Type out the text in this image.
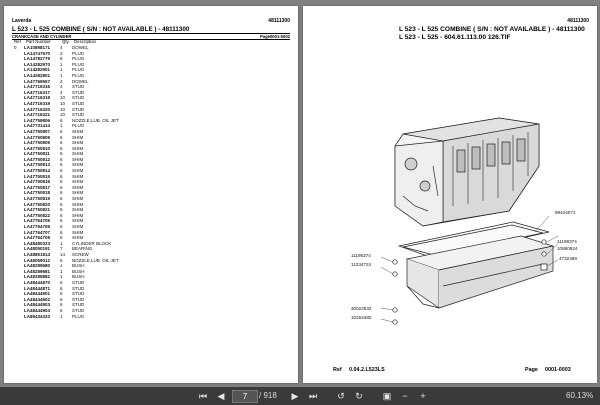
Laverda	48111300
L 523 - L 525 COMBINE ( S/N : NOT AVAILABLE ) - 48111300
CRANKCASE AND CYLINDER	Page0001-0002
Ref Part Number	Qty Description
0	LA10898171	4	DOWEL
	LA14747570	2	PLUG
	LA14782779	8	PLUG
	LA14282970	1	PLUG
	LA14282901	1	PLUG
	LA14282801	1	PLUG
	LA47769557	2	DOWEL
	LA47716316	4	STUD
	LA47716317	4	STUD
	LA47716318	10	STUD
	LA47716319	10	STUD
	LA47716320	10	STUD
	LA47716321	10	STUD
	LA47759806	6	NOZZLE,LUB. OIL JET
	LA47731414	1	PLUG
	LA47750807	6	SHIM
	LA47750808	6	SHIM
	LA47750809	6	SHIM
	LA47750810	6	SHIM
	LA47750811	6	SHIM
	LA47750812	6	SHIM
	LA47750813	6	SHIM
	LA47750814	6	SHIM
	LA47750815	6	SHIM
	LA47750816	6	SHIM
	LA47750817	6	SHIM
	LA47750818	6	SHIM
	LA47750819	6	SHIM
	LA47750820	6	SHIM
	LA47750821	6	SHIM
	LA47750822	6	SHIM
	LA47764705	6	SHIM
	LA47764706	6	SHIM
	LA47764707	6	SHIM
	LA47764708	6	SHIM
	LA48480323	1	CYLINDER BLOCK
	LA48050191	7	BEARING
	LA48851814	14	SCREW
	LA48059012	6	NOZZLE,LUB. OIL JET
	LA48289680	1	BUSH
	LA48289681	1	BUSH
	LA48289882	1	BUSH
	LA48444870	6	STUD
	LA48444871	6	STUD
	LA48444901	6	STUD
	LA48444902	6	STUD
	LA48444903	6	STUD
	LA48444904	6	STUD
	LA89434333	1	PLUG
48111300
L 523 - L 525 COMBINE ( S/N : NOT AVAILABLE ) - 48111300
L 523 - L 525 - 604.61.113.00 126.TIF
99424071
11198374
10880924
4732358
11198374
11234724
30022532
10263480
Ref 0.04.2.L523LS	Page 0001-0003
⏮	◀	7	/ 918	▶	⏭	↺	↻	▣	−	+	60.13%
